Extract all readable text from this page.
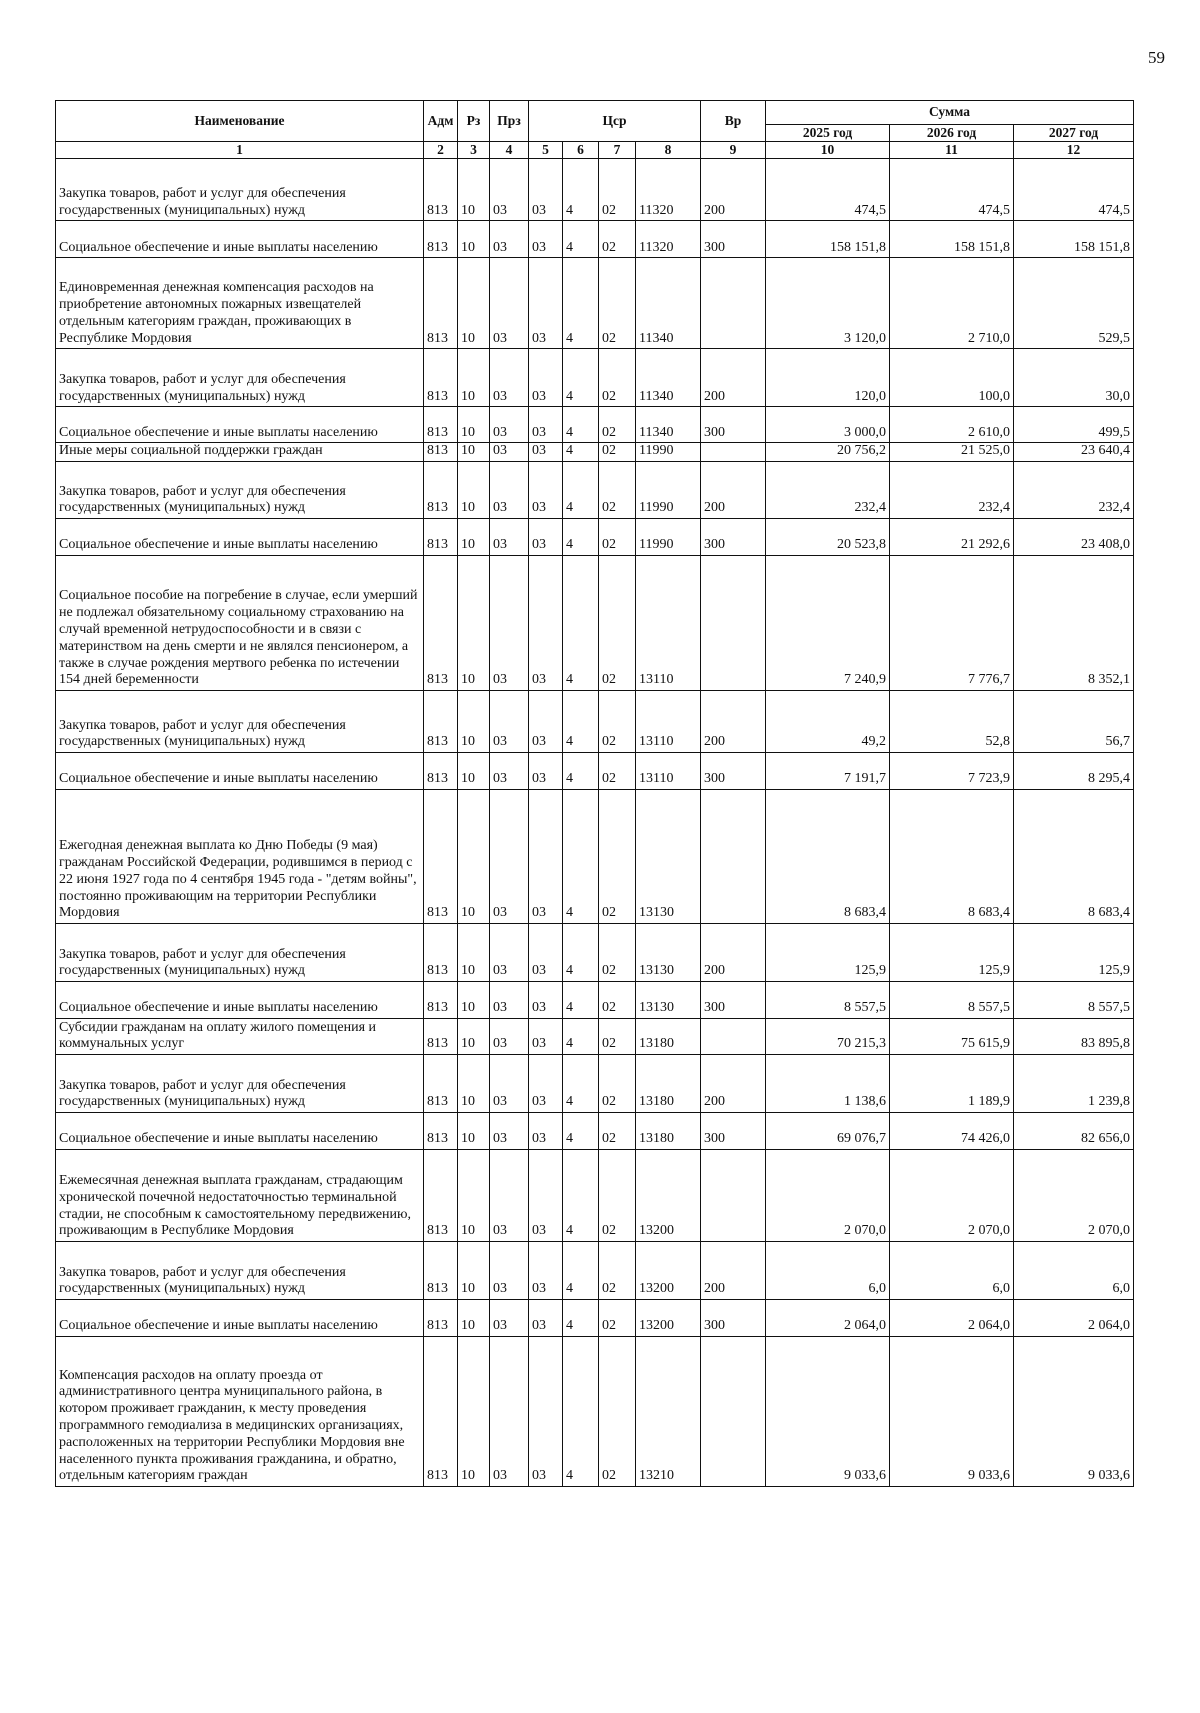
59
Наименование	Адм	Рз	Прз	Цср				Вр	Сумма		
									2025 год	2026 год	2027 год
1	2	3	4	5	6	7	8	9	10	11	12
Закупка товаров, работ и услуг для обеспечения государственных (муниципальных) нужд	813	10	03	03	4	02	11320	200	474,5	474,5	474,5
Социальное обеспечение и иные выплаты населению	813	10	03	03	4	02	11320	300	158 151,8	158 151,8	158 151,8
Единовременная денежная компенсация расходов на приобретение автономных пожарных извещателей отдельным категориям граждан, проживающих в Республике Мордовия	813	10	03	03	4	02	11340		3 120,0	2 710,0	529,5
Закупка товаров, работ и услуг для обеспечения государственных (муниципальных) нужд	813	10	03	03	4	02	11340	200	120,0	100,0	30,0
Социальное обеспечение и иные выплаты населению	813	10	03	03	4	02	11340	300	3 000,0	2 610,0	499,5
Иные меры социальной поддержки граждан	813	10	03	03	4	02	11990		20 756,2	21 525,0	23 640,4
Закупка товаров, работ и услуг для обеспечения государственных (муниципальных) нужд	813	10	03	03	4	02	11990	200	232,4	232,4	232,4
Социальное обеспечение и иные выплаты населению	813	10	03	03	4	02	11990	300	20 523,8	21 292,6	23 408,0
Социальное пособие на погребение в случае, если умерший не подлежал обязательному социальному страхованию на случай временной нетрудоспособности и в связи с материнством на день смерти и не являлся пенсионером, а также в случае рождения мертвого ребенка по истечении 154 дней беременности	813	10	03	03	4	02	13110		7 240,9	7 776,7	8 352,1
Закупка товаров, работ и услуг для обеспечения государственных (муниципальных) нужд	813	10	03	03	4	02	13110	200	49,2	52,8	56,7
Социальное обеспечение и иные выплаты населению	813	10	03	03	4	02	13110	300	7 191,7	7 723,9	8 295,4
Ежегодная денежная выплата ко Дню Победы (9 мая) гражданам Российской Федерации, родившимся в период с 22 июня 1927 года по 4 сентября 1945 года - "детям войны", постоянно проживающим на территории Республики Мордовия	813	10	03	03	4	02	13130		8 683,4	8 683,4	8 683,4
Закупка товаров, работ и услуг для обеспечения государственных (муниципальных) нужд	813	10	03	03	4	02	13130	200	125,9	125,9	125,9
Социальное обеспечение и иные выплаты населению	813	10	03	03	4	02	13130	300	8 557,5	8 557,5	8 557,5
Субсидии гражданам на оплату жилого помещения и коммунальных услуг	813	10	03	03	4	02	13180		70 215,3	75 615,9	83 895,8
Закупка товаров, работ и услуг для обеспечения государственных (муниципальных) нужд	813	10	03	03	4	02	13180	200	1 138,6	1 189,9	1 239,8
Социальное обеспечение и иные выплаты населению	813	10	03	03	4	02	13180	300	69 076,7	74 426,0	82 656,0
Ежемесячная денежная выплата гражданам, страдающим хронической почечной недостаточностью терминальной стадии, не способным к самостоятельному передвижению, проживающим в Республике Мордовия	813	10	03	03	4	02	13200		2 070,0	2 070,0	2 070,0
Закупка товаров, работ и услуг для обеспечения государственных (муниципальных) нужд	813	10	03	03	4	02	13200	200	6,0	6,0	6,0
Социальное обеспечение и иные выплаты населению	813	10	03	03	4	02	13200	300	2 064,0	2 064,0	2 064,0
Компенсация расходов на оплату проезда от административного центра муниципального района, в котором проживает гражданин, к месту проведения программного гемодиализа в медицинских организациях, расположенных на территории Республики Мордовия вне населенного пункта проживания гражданина, и обратно, отдельным категориям граждан	813	10	03	03	4	02	13210		9 033,6	9 033,6	9 033,6
